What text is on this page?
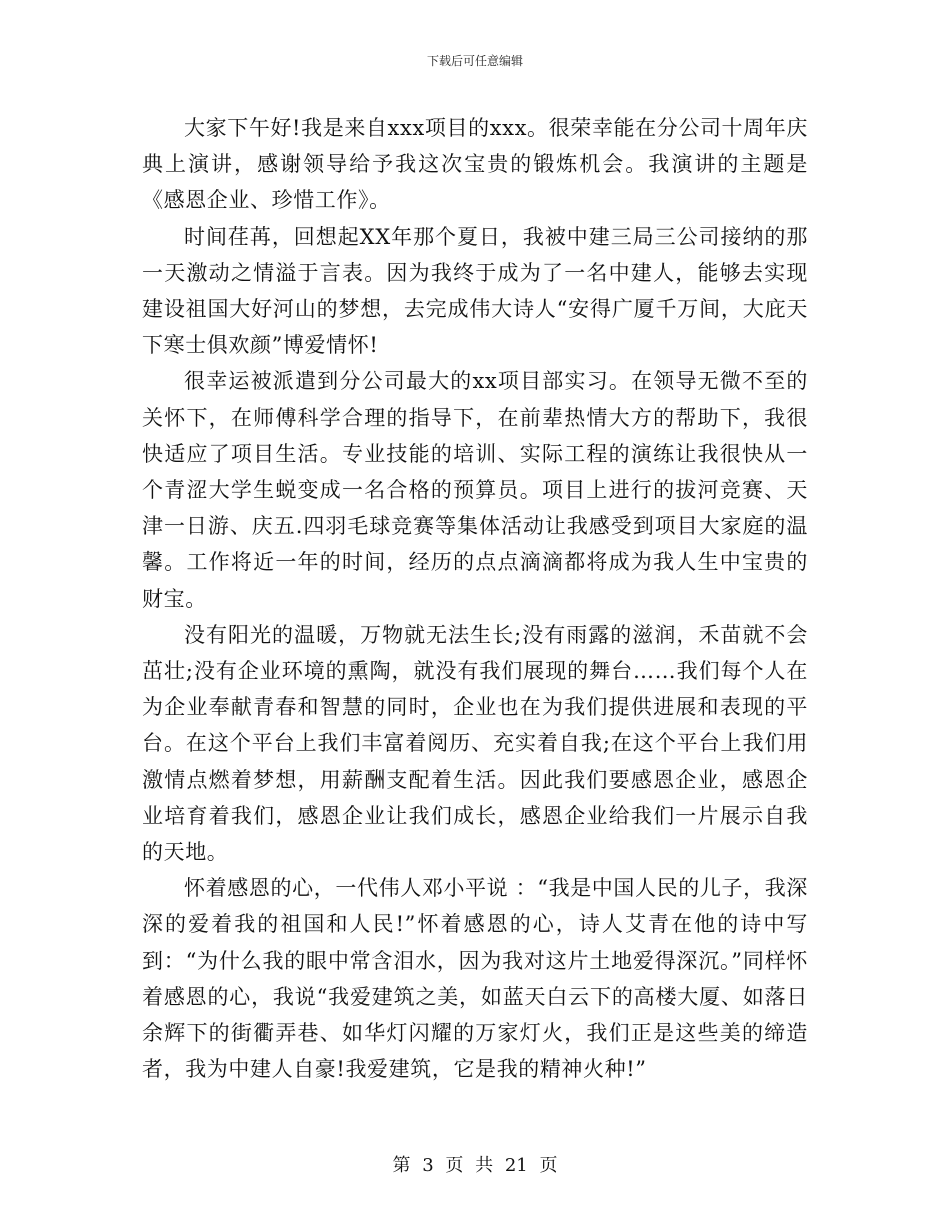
下载后可任意编辑

大家下午好!我是来自xxx项目的xxx。很荣幸能在分公司十周年庆典上演讲，感谢领导给予我这次宝贵的锻炼机会。我演讲的主题是《感恩企业、珍惜工作》。

时间荏苒，回想起XX年那个夏日，我被中建三局三公司接纳的那一天激动之情溢于言表。因为我终于成为了一名中建人，能够去实现建设祖国大好河山的梦想，去完成伟大诗人“安得广厦千万间，大庇天下寒士俱欢颜”博爱情怀!

很幸运被派遣到分公司最大的xx项目部实习。在领导无微不至的关怀下，在师傅科学合理的指导下，在前辈热情大方的帮助下，我很快适应了项目生活。专业技能的培训、实际工程的演练让我很快从一个青涩大学生蜕变成一名合格的预算员。项目上进行的拔河竞赛、天津一日游、庆五.四羽毛球竞赛等集体活动让我感受到项目大家庭的温馨。工作将近一年的时间，经历的点点滴滴都将成为我人生中宝贵的财宝。

没有阳光的温暖，万物就无法生长;没有雨露的滋润，禾苗就不会茁壮;没有企业环境的熏陶，就没有我们展现的舞台……我们每个人在为企业奉献青春和智慧的同时，企业也在为我们提供进展和表现的平台。在这个平台上我们丰富着阅历、充实着自我;在这个平台上我们用激情点燃着梦想，用薪酬支配着生活。因此我们要感恩企业，感恩企业培育着我们，感恩企业让我们成长，感恩企业给我们一片展示自我的天地。

怀着感恩的心，一代伟人邓小平说 ：“我是中国人民的儿子，我深深的爱着我的祖国和人民!”怀着感恩的心，诗人艾青在他的诗中写到：“为什么我的眼中常含泪水，因为我对这片土地爱得深沉。”同样怀着感恩的心，我说“我爱建筑之美，如蓝天白云下的高楼大厦、如落日余辉下的街衢弄巷、如华灯闪耀的万家灯火，我们正是这些美的缔造者，我为中建人自豪!我爱建筑，它是我的精神火种!”

第 3 页 共 21 页
